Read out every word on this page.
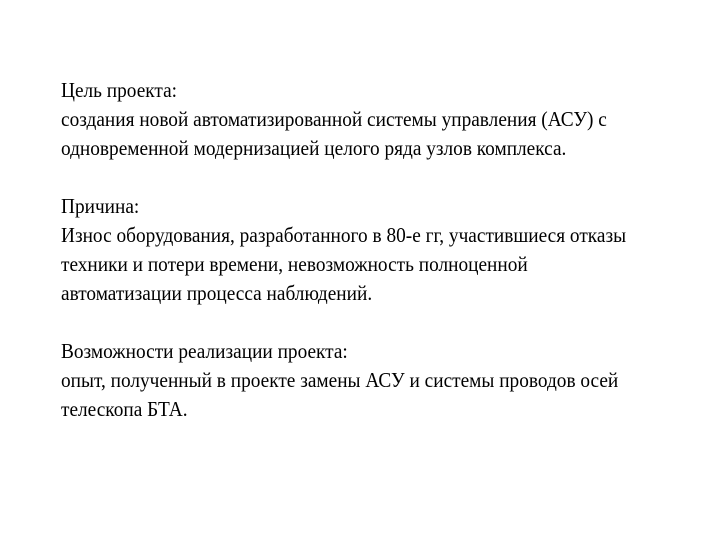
Цель проекта:
создания новой автоматизированной системы управления (АСУ) с
одновременной модернизацией целого ряда узлов комплекса.
Причина:
Износ оборудования, разработанного в 80-е гг, участившиеся отказы
техники и потери времени, невозможность полноценной
автоматизации процесса наблюдений.
Возможности реализации проекта:
опыт, полученный в проекте замены АСУ и системы проводов осей
телескопа БТА.
